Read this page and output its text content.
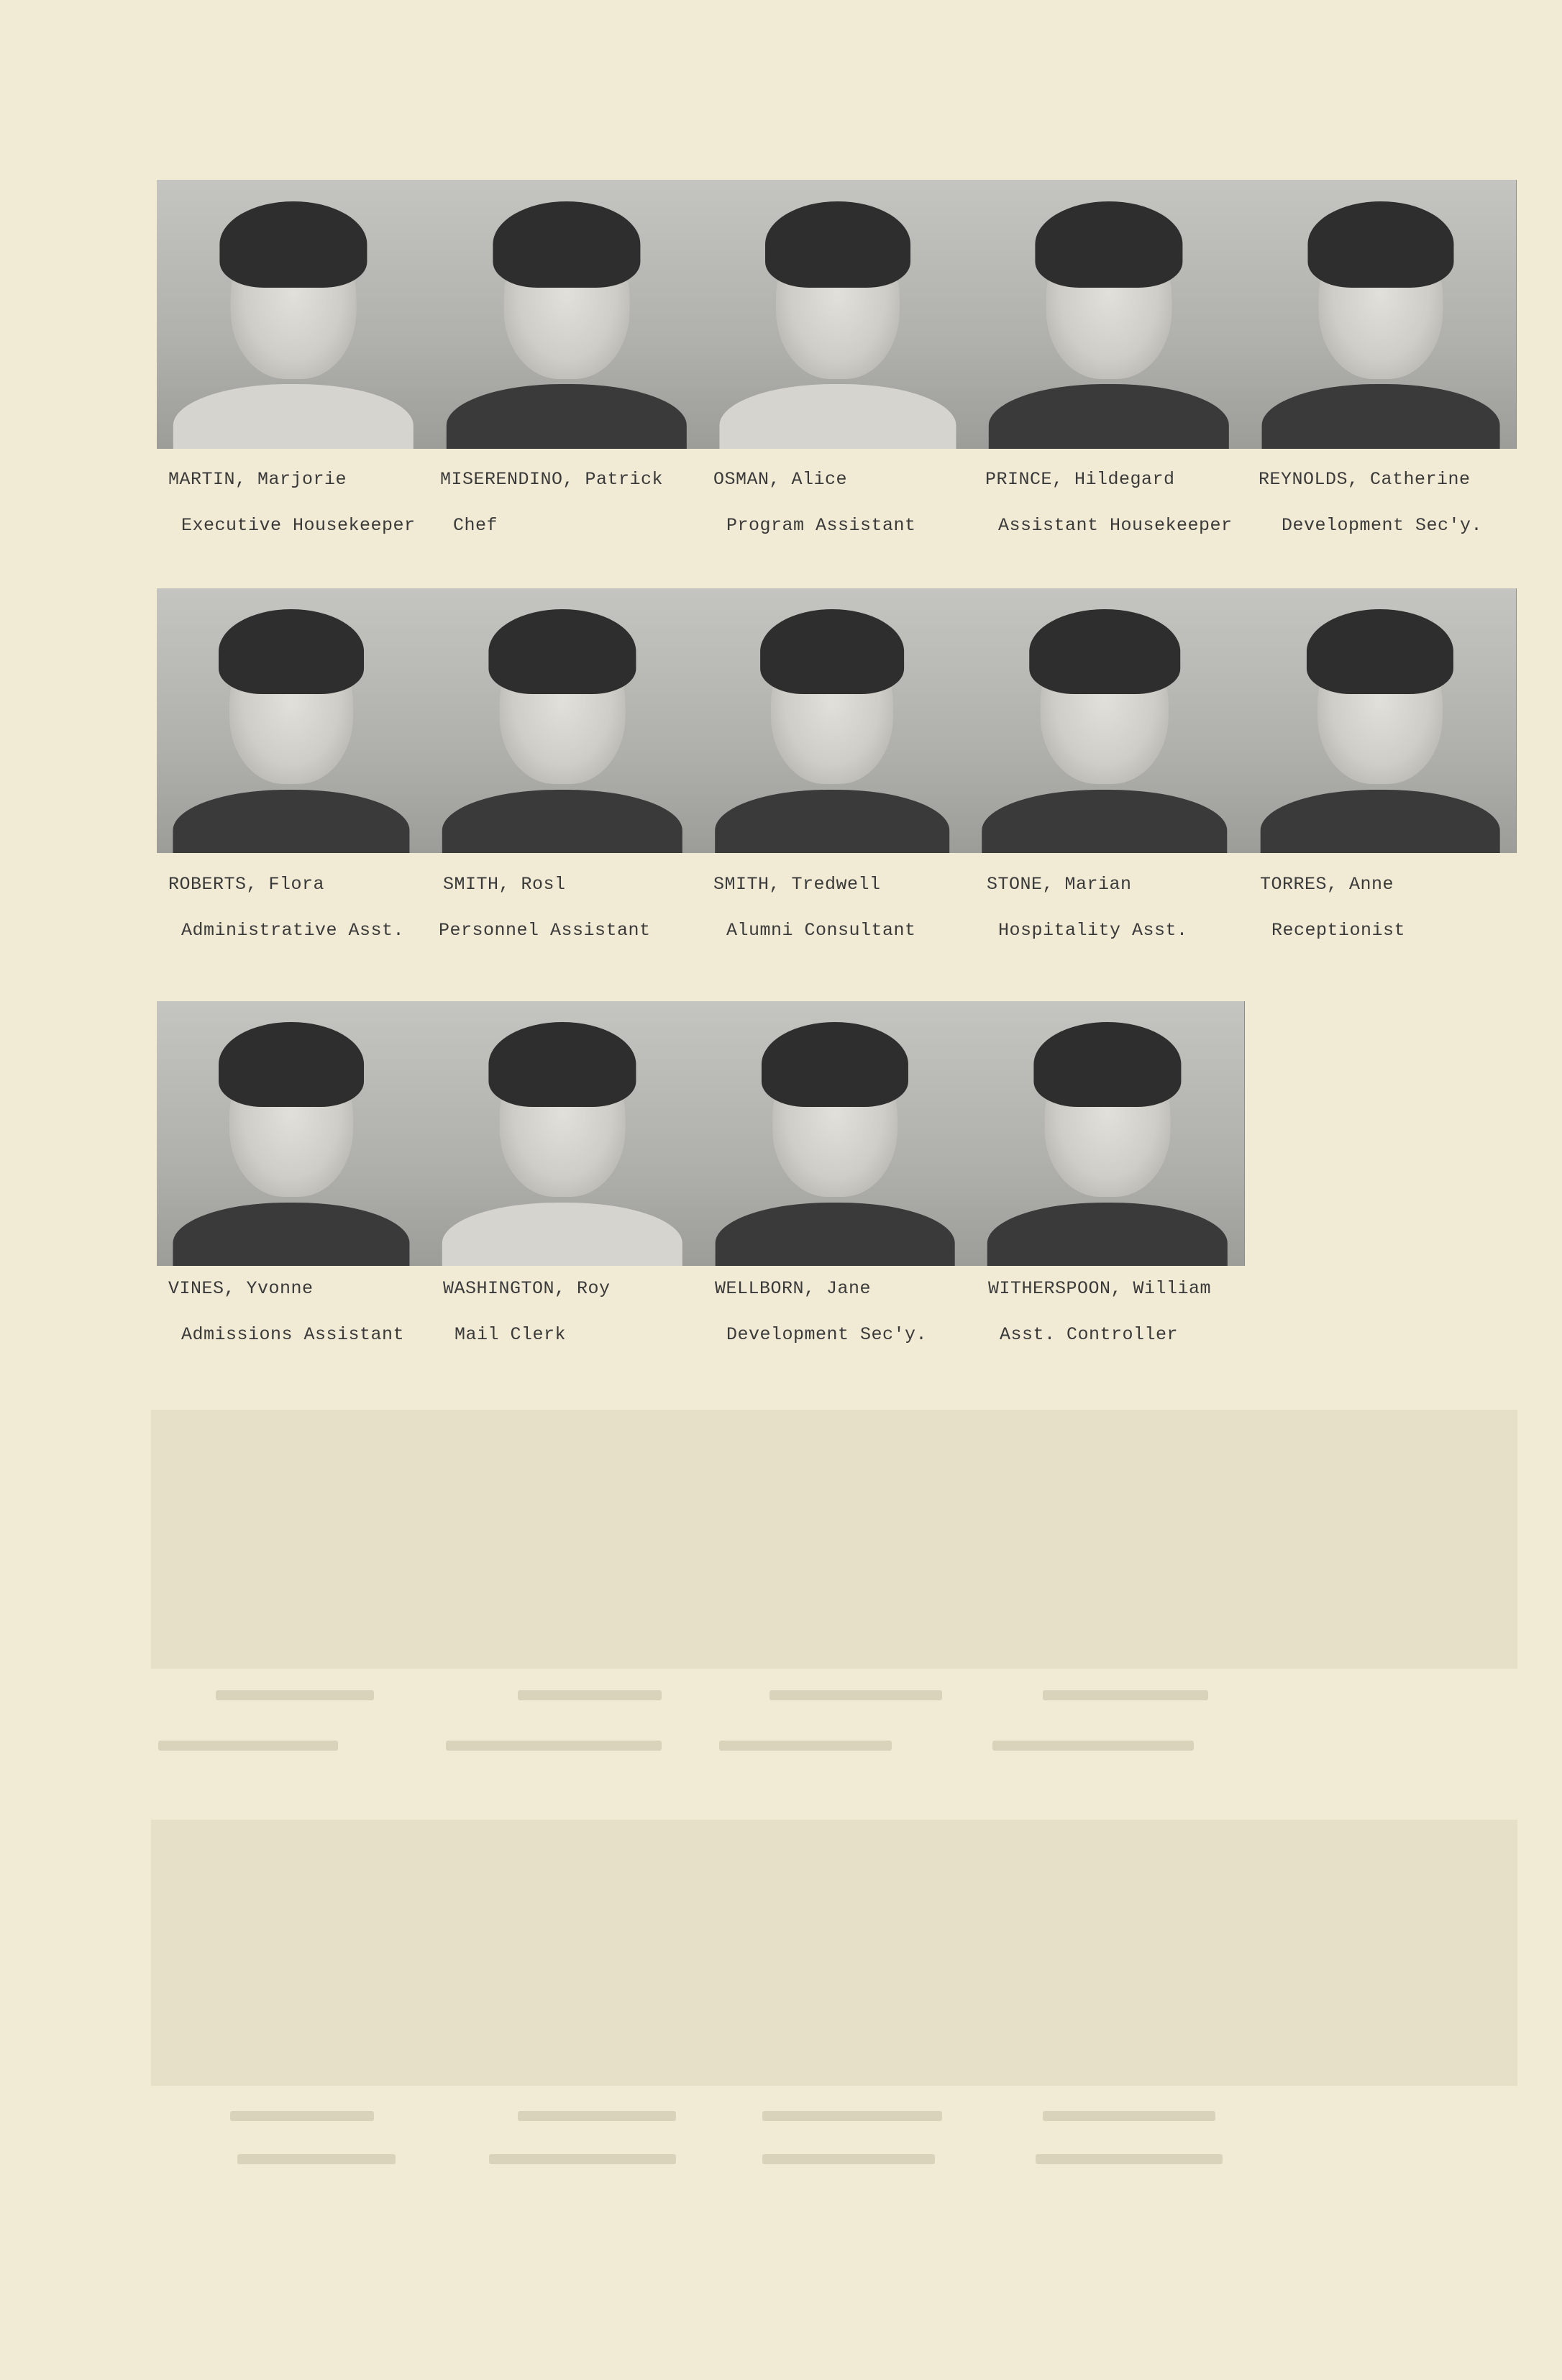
MARTIN, Marjorie
Executive Housekeeper
MISERENDINO, Patrick
Chef
OSMAN, Alice
Program Assistant
PRINCE, Hildegard
Assistant Housekeeper
REYNOLDS, Catherine
Development Sec'y.
ROBERTS, Flora
Administrative Asst.
SMITH, Rosl
Personnel Assistant
SMITH, Tredwell
Alumni Consultant
STONE, Marian
Hospitality Asst.
TORRES, Anne
Receptionist
VINES, Yvonne
Admissions Assistant
WASHINGTON, Roy
Mail Clerk
WELLBORN, Jane
Development Sec'y.
WITHERSPOON, William
Asst. Controller
